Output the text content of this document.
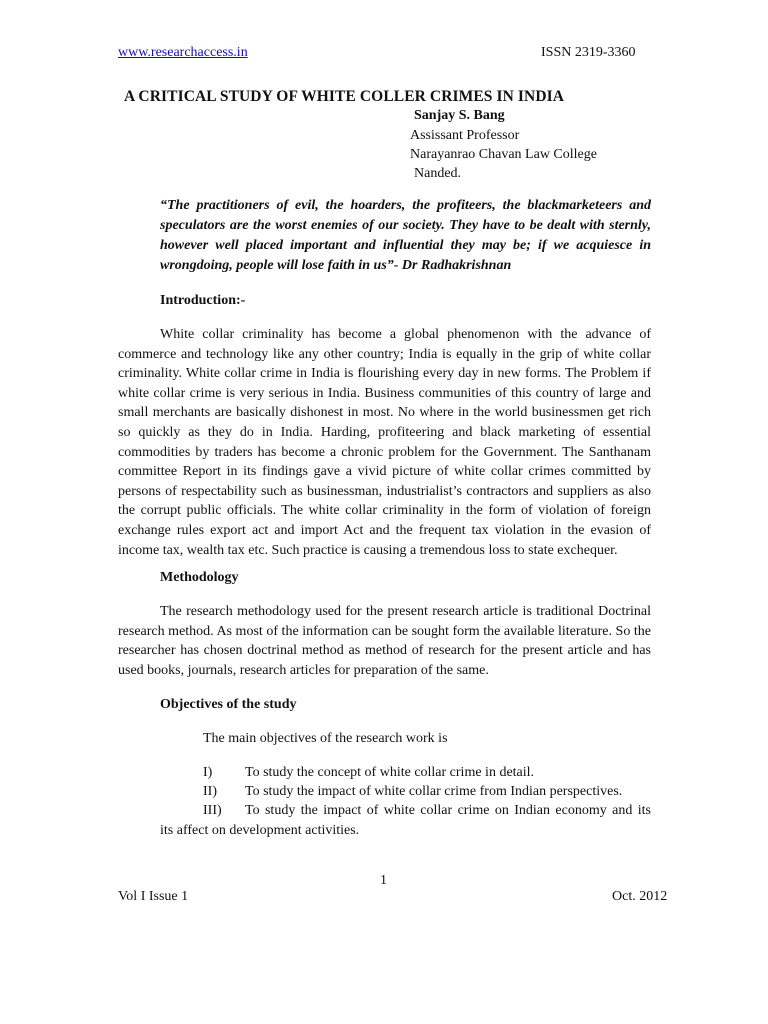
www.researchaccess.in	ISSN 2319-3360
A CRITICAL STUDY OF WHITE COLLER CRIMES IN INDIA
Sanjay S. Bang
Assissant Professor
Narayanrao Chavan Law College
Nanded.
“The practitioners of evil, the hoarders, the profiteers, the blackmarketeers and speculators are the worst enemies of our society. They have to be dealt with sternly, however well placed important and influential they may be; if we acquiesce in wrongdoing, people will lose faith in us”- Dr Radhakrishnan
Introduction:-
White collar criminality has become a global phenomenon with the advance of commerce and technology like any other country; India is equally in the grip of white collar criminality. White collar crime in India is flourishing every day in new forms. The Problem if white collar crime is very serious in India. Business communities of this country of large and small merchants are basically dishonest in most. No where in the world businessmen get rich so quickly as they do in India. Harding, profiteering and black marketing of essential commodities by traders has become a chronic problem for the Government. The Santhanam committee Report in its findings gave a vivid picture of white collar crimes committed by persons of respectability such as businessman, industrialist’s contractors and suppliers as also the corrupt public officials. The white collar criminality in the form of violation of foreign exchange rules export act and import Act and the frequent tax violation in the evasion of income tax, wealth tax etc. Such practice is causing a tremendous loss to state exchequer.
Methodology
The research methodology used for the present research article is traditional Doctrinal research method. As most of the information can be sought form the available literature. So the researcher has chosen doctrinal method as method of research for the present article and has used books, journals, research articles for preparation of the same.
Objectives of the study
The main objectives of the research work is
I) To study the concept of white collar crime in detail.
II) To study the impact of white collar crime from Indian perspectives.
III) To study the impact of white collar crime on Indian economy and its
its affect on development activities.
1
Vol I Issue 1	Oct. 2012
